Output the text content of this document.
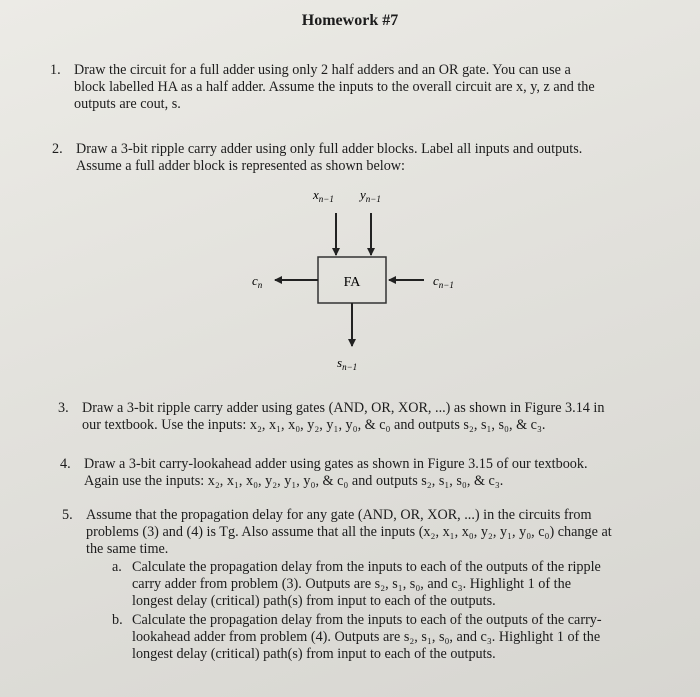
Homework #7
1. Draw the circuit for a full adder using only 2 half adders and an OR gate. You can use a
block labelled HA as a half adder. Assume the inputs to the overall circuit are x, y, z and the
outputs are cout, s.
2. Draw a 3-bit ripple carry adder using only full adder blocks. Label all inputs and outputs.
Assume a full adder block is represented as shown below:
FA
$x_{n-1}$ $y_{n-1}$
$c_{n-1}$
$c_n$
$s_{n-1}$
3. Draw a 3-bit ripple carry adder using gates (AND, OR, XOR, ...) as shown in Figure 3.14 in
our textbook. Use the inputs: x₂, x₁, x₀, y₂, y₁, y₀, & c₀ and outputs s₂, s₁, s₀, & c₃.
4. Draw a 3-bit carry-lookahead adder using gates as shown in Figure 3.15 of our textbook.
Again use the inputs: x₂, x₁, x₀, y₂, y₁, y₀, & c₀ and outputs s₂, s₁, s₀, & c₃.
5. Assume that the propagation delay for any gate (AND, OR, XOR, ...) in the circuits from
problems (3) and (4) is Tg. Also assume that all the inputs (x₂, x₁, x₀, y₂, y₁, y₀, c₀) change at
the same time.
a. Calculate the propagation delay from the inputs to each of the outputs of the ripple
carry adder from problem (3). Outputs are s₂, s₁, s₀, and c₃. Highlight 1 of the
longest delay (critical) path(s) from input to each of the outputs.
b. Calculate the propagation delay from the inputs to each of the outputs of the carry-
lookahead adder from problem (4). Outputs are s₂, s₁, s₀, and c₃. Highlight 1 of the
longest delay (critical) path(s) from input to each of the outputs.
